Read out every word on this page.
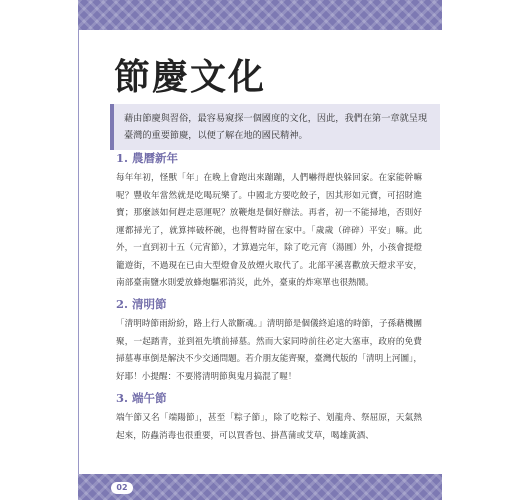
節慶文化
藉由節慶與習俗，最容易窺探一個國度的文化，因此，我們在第一章就呈現臺灣的重要節慶，以便了解在地的國民精神。
1. 農曆新年

每年年初，怪獸「年」在晚上會跑出來蹦蹦，人們嚇得趕快躲回家。在家能幹嘛呢？豐收年當然就是吃喝玩樂了。中國北方要吃餃子，因其形如元寶，可招財進寶；那麼該如何趕走惡運呢？放鞭炮是個好辦法。再者，初一不能掃地，否則好運都掃光了，就算摔破杯碗，也得暫時留在家中。「歲歲（碎碎）平安」嘛。此外，一直到初十五（元宵節），才算過完年，除了吃元宵（湯圓）外，小孩會提燈籠遊街，不過現在已由大型燈會及放煙火取代了。北部平溪喜歡放天燈求平安，南部臺南鹽水則愛放蜂炮驅邪消災，此外，臺東的炸寒單也很熱鬧。

2. 清明節

「清明時節雨紛紛，路上行人欲斷魂。」清明節是個儀終追遠的時節，子孫藉機團聚，一起踏青，並到祖先墳前掃墓。然而大家同時前往必定大塞車，政府的免費掃墓專車倒是解決不少交通問題。若介朋友能齊聚，臺灣代版的「清明上河圖」，好耶！小提醒：不要將清明節與鬼月搞混了喔！

3. 端午節

端午節又名「端陽節」，甚至「粽子節」，除了吃粽子、划龍舟、祭屈原，天氣熱起來，防蟲消毒也很重要，可以買香包、掛菖蒲或艾草，喝雄黃酒、

02
